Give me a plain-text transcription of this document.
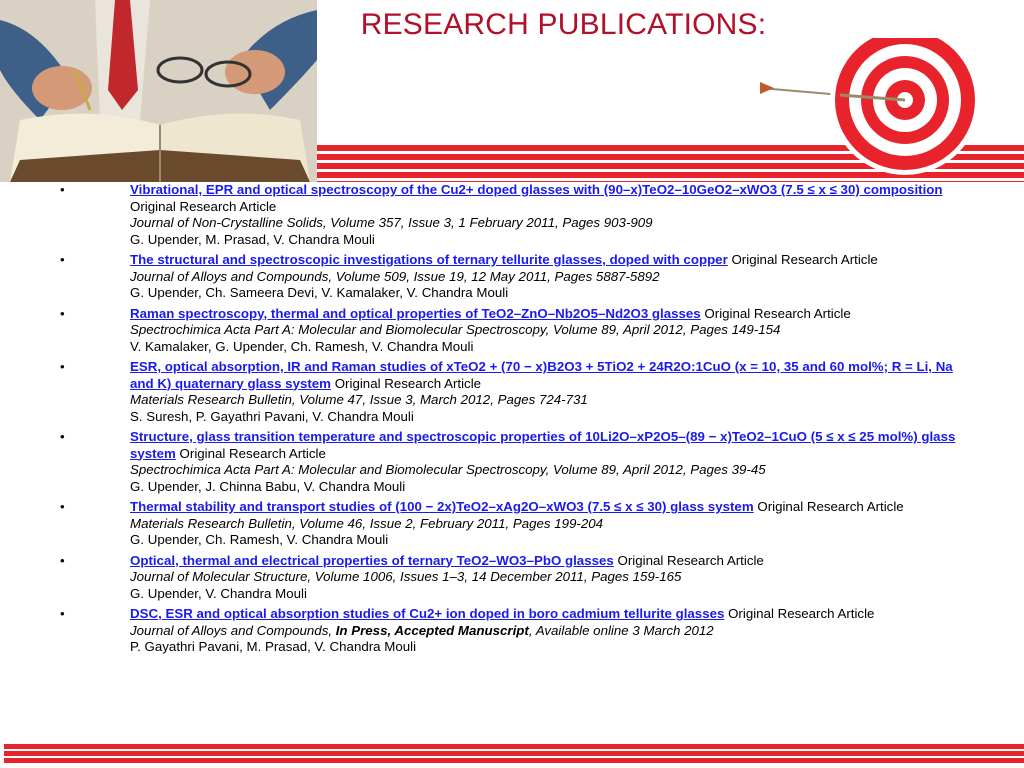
RESEARCH PUBLICATIONS:
•	Vibrational, EPR and optical spectroscopy of the Cu2+ doped glasses with (90–x)TeO2–10GeO2–xWO3 (7.5 ≤ x ≤ 30) composition Original Research Article
Journal of Non-Crystalline Solids, Volume 357, Issue 3, 1 February 2011, Pages 903-909
G. Upender, M. Prasad, V. Chandra Mouli
•	The structural and spectroscopic investigations of ternary tellurite glasses, doped with copper Original Research Article
Journal of Alloys and Compounds, Volume 509, Issue 19, 12 May 2011, Pages 5887-5892
G. Upender, Ch. Sameera Devi, V. Kamalaker, V. Chandra Mouli
•	Raman spectroscopy, thermal and optical properties of TeO2–ZnO–Nb2O5–Nd2O3 glasses Original Research Article
Spectrochimica Acta Part A: Molecular and Biomolecular Spectroscopy, Volume 89, April 2012, Pages 149-154
V. Kamalaker, G. Upender, Ch. Ramesh, V. Chandra Mouli
•	ESR, optical absorption, IR and Raman studies of xTeO2 + (70 − x)B2O3 + 5TiO2 + 24R2O:1CuO (x = 10, 35 and 60 mol%; R = Li, Na and K) quaternary glass system Original Research Article
Materials Research Bulletin, Volume 47, Issue 3, March 2012, Pages 724-731
S. Suresh, P. Gayathri Pavani, V. Chandra Mouli
•	Structure, glass transition temperature and spectroscopic properties of 10Li2O–xP2O5–(89 − x)TeO2–1CuO (5 ≤ x ≤ 25 mol%) glass system Original Research Article
Spectrochimica Acta Part A: Molecular and Biomolecular Spectroscopy, Volume 89, April 2012, Pages 39-45
G. Upender, J. Chinna Babu, V. Chandra Mouli
•	Thermal stability and transport studies of (100 − 2x)TeO2–xAg2O–xWO3 (7.5 ≤ x ≤ 30) glass system Original Research Article
Materials Research Bulletin, Volume 46, Issue 2, February 2011, Pages 199-204
G. Upender, Ch. Ramesh, V. Chandra Mouli
•	Optical, thermal and electrical properties of ternary TeO2–WO3–PbO glasses Original Research Article
Journal of Molecular Structure, Volume 1006, Issues 1–3, 14 December 2011, Pages 159-165
G. Upender, V. Chandra Mouli
•	DSC, ESR and optical absorption studies of Cu2+ ion doped in boro cadmium tellurite glasses Original Research Article
Journal of Alloys and Compounds, In Press, Accepted Manuscript, Available online 3 March 2012
P. Gayathri Pavani, M. Prasad, V. Chandra Mouli
